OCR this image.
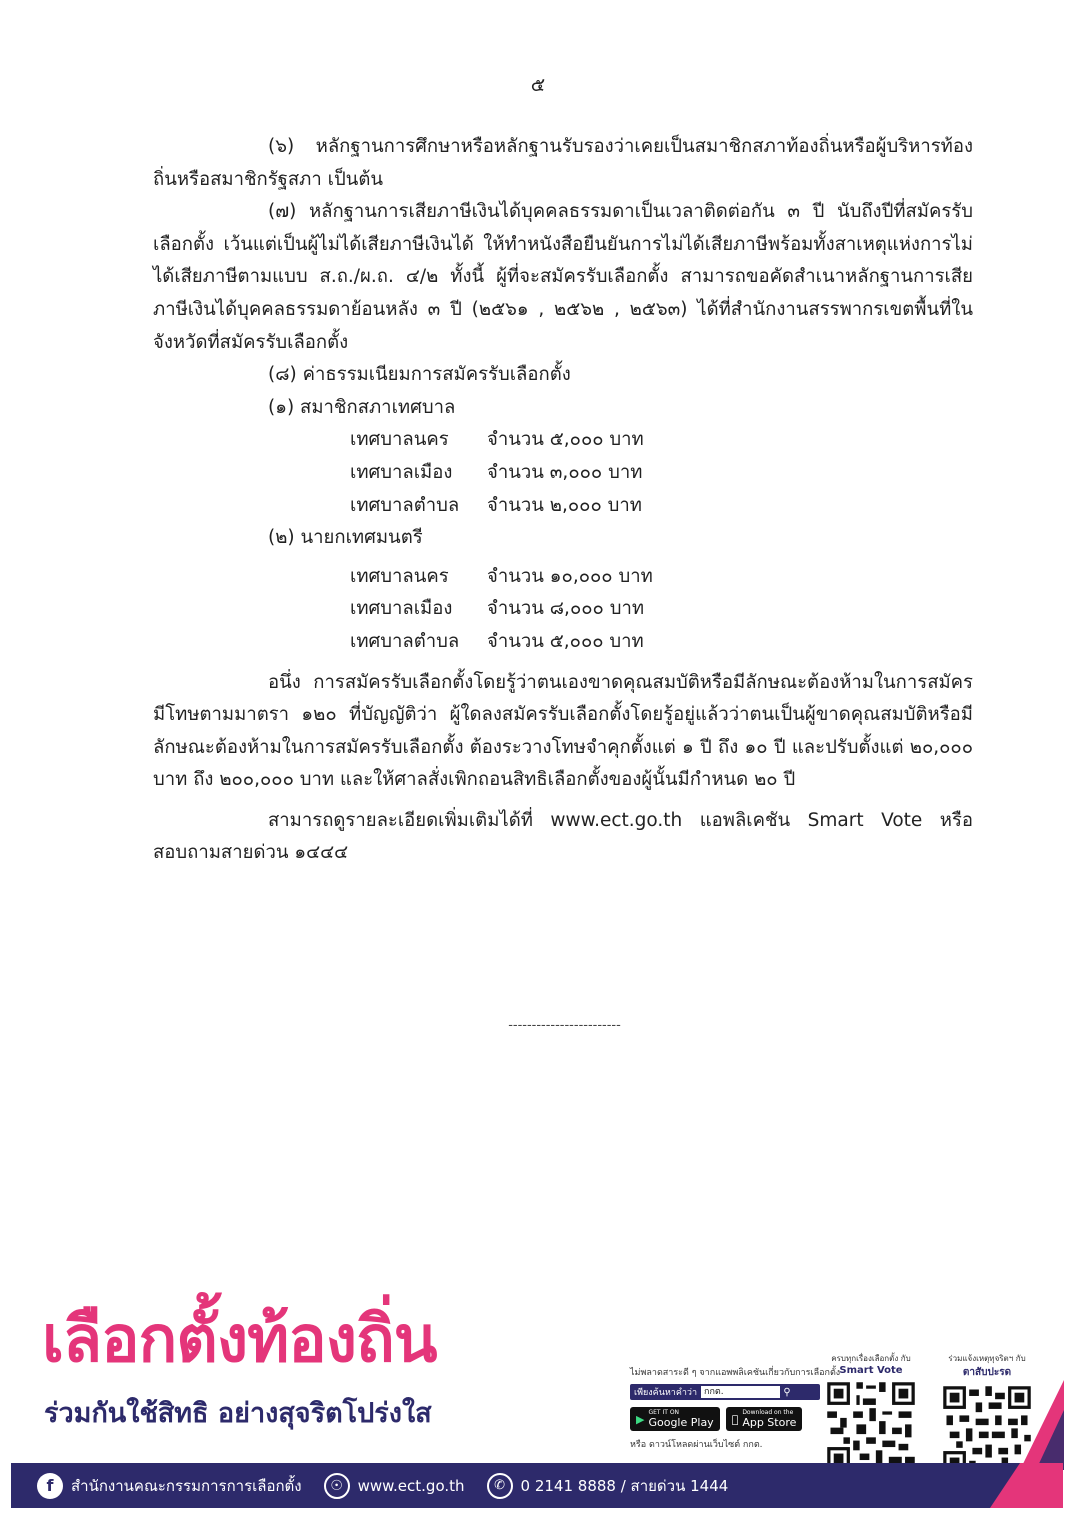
๕

(๖) หลักฐานการศึกษาหรือหลักฐานรับรองว่าเคยเป็นสมาชิกสภาท้องถิ่นหรือผู้บริหารท้องถิ่นหรือสมาชิกรัฐสภา เป็นต้น

(๗) หลักฐานการเสียภาษีเงินได้บุคคลธรรมดาเป็นเวลาติดต่อกัน ๓ ปี นับถึงปีที่สมัครรับเลือกตั้ง เว้นแต่เป็นผู้ไม่ได้เสียภาษีเงินได้ ให้ทำหนังสือยืนยันการไม่ได้เสียภาษีพร้อมทั้งสาเหตุแห่งการไม่ได้เสียภาษีตามแบบ ส.ถ./ผ.ถ. ๔/๒ ทั้งนี้ ผู้ที่จะสมัครรับเลือกตั้ง สามารถขอคัดสำเนาหลักฐานการเสียภาษีเงินได้บุคคลธรรมดาย้อนหลัง ๓ ปี (๒๕๖๑ , ๒๕๖๒ , ๒๕๖๓) ได้ที่สำนักงานสรรพากรเขตพื้นที่ในจังหวัดที่สมัครรับเลือกตั้ง

(๘) ค่าธรรมเนียมการสมัครรับเลือกตั้ง

(๑) สมาชิกสภาเทศบาล

เทศบาลนคร	จำนวน ๕,๐๐๐ บาท
เทศบาลเมือง	จำนวน ๓,๐๐๐ บาท
เทศบาลตำบล	จำนวน ๒,๐๐๐ บาท

(๒) นายกเทศมนตรี

เทศบาลนคร	จำนวน ๑๐,๐๐๐ บาท
เทศบาลเมือง	จำนวน ๘,๐๐๐ บาท
เทศบาลตำบล	จำนวน ๕,๐๐๐ บาท

อนึ่ง การสมัครรับเลือกตั้งโดยรู้ว่าตนเองขาดคุณสมบัติหรือมีลักษณะต้องห้ามในการสมัคร มีโทษตามมาตรา ๑๒๐ ที่บัญญัติว่า ผู้ใดลงสมัครรับเลือกตั้งโดยรู้อยู่แล้วว่าตนเป็นผู้ขาดคุณสมบัติหรือมีลักษณะต้องห้ามในการสมัครรับเลือกตั้ง ต้องระวางโทษจำคุกตั้งแต่ ๑ ปี ถึง ๑๐ ปี และปรับตั้งแต่ ๒๐,๐๐๐ บาท ถึง ๒๐๐,๐๐๐ บาท และให้ศาลสั่งเพิกถอนสิทธิเลือกตั้งของผู้นั้นมีกำหนด ๒๐ ปี

สามารถดูรายละเอียดเพิ่มเติมได้ที่ www.ect.go.th แอพลิเคชัน Smart Vote หรือสอบถามสายด่วน ๑๔๔๔

------------------------
เลือกตั้งท้องถิ่น
ร่วมกันใช้สิทธิ อย่างสุจริตโปร่งใส
ไม่พลาดสาระดี ๆ จากแอพพลิเคชันเกี่ยวกับการเลือกตั้ง
เพียงค้นหาคำว่า กกต.	⚲
▶ GET IT ON
Google Play
Download on the
App Store
หรือ ดาวน์โหลดผ่านเว็บไซต์ กกต.
ครบทุกเรื่องเลือกตั้ง กับ
Smart Vote
ร่วมแจ้งเหตุทุจริตฯ กับ
ตาสับปะรด
f	สำนักงานคณะกรรมการการเลือกตั้ง	☉ www.ect.go.th	✆	0 2141 8888 / สายด่วน 1444
